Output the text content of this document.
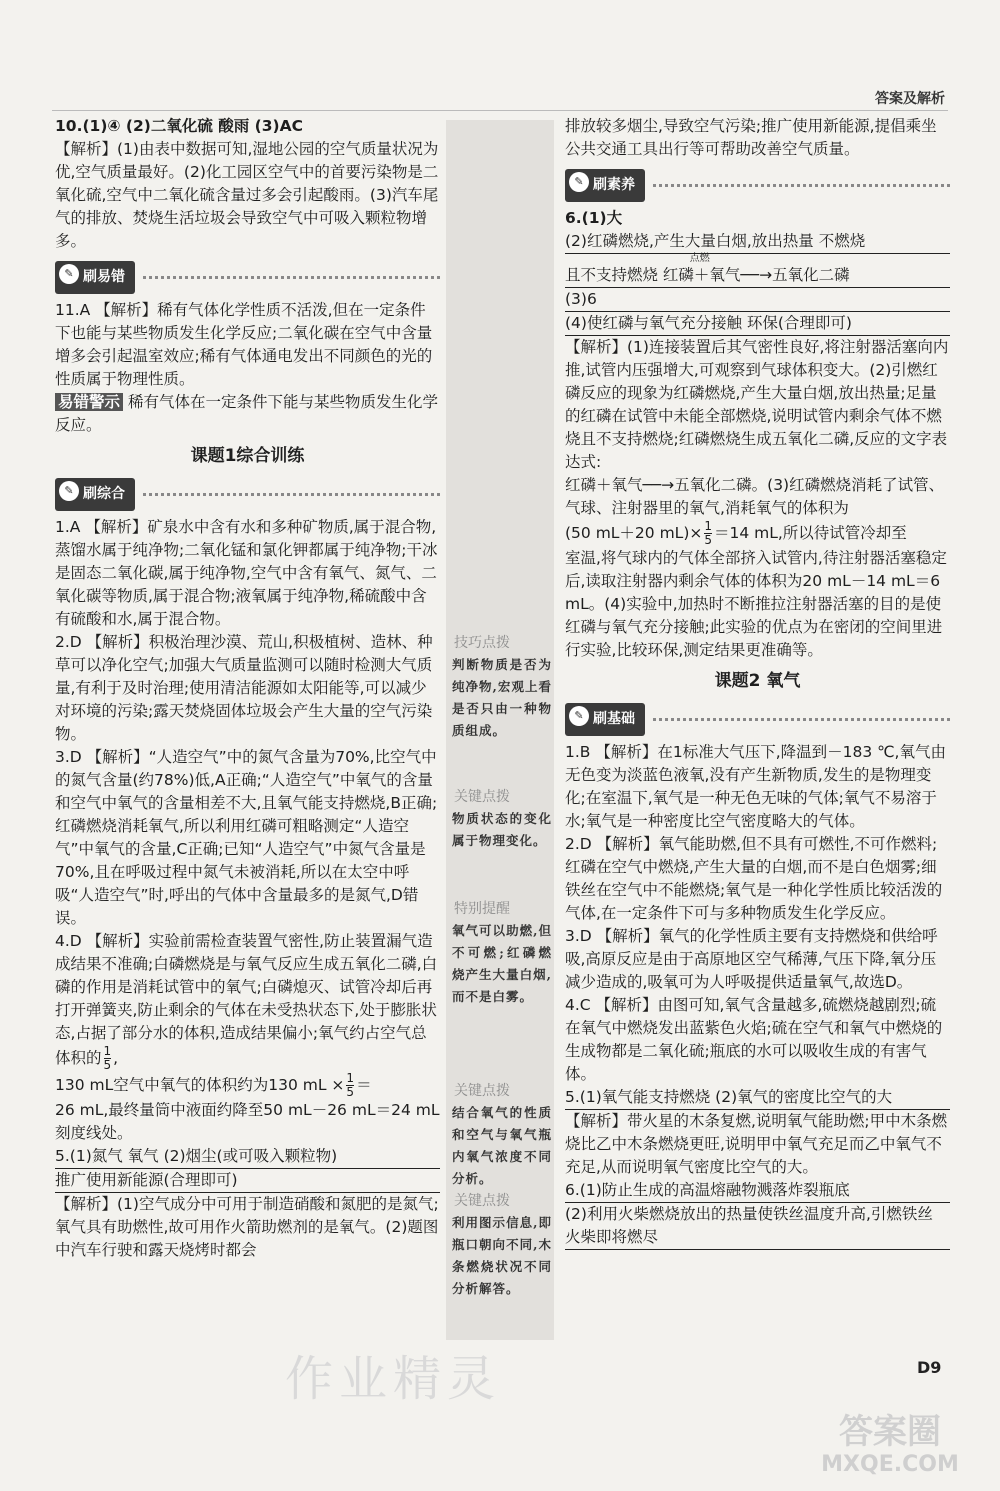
答案及解析

10.(1)④ (2)二氧化硫 酸雨 (3)AC

【解析】(1)由表中数据可知,湿地公园的空气质量状况为优,空气质量最好。(2)化工园区空气中的首要污染物是二氧化硫,空气中二氧化硫含量过多会引起酸雨。(3)汽车尾气的排放、焚烧生活垃圾会导致空气中可吸入颗粒物增多。

✎ 刷易错

11.A 【解析】稀有气体化学性质不活泼,但在一定条件下也能与某些物质发生化学反应;二氧化碳在空气中含量增多会引起温室效应;稀有气体通电发出不同颜色的光的性质属于物理性质。

易错警示 稀有气体在一定条件下能与某些物质发生化学反应。

课题1综合训练
✎ 刷综合

1.A 【解析】矿泉水中含有水和多种矿物质,属于混合物,蒸馏水属于纯净物;二氧化锰和氯化钾都属于纯净物;干冰是固态二氧化碳,属于纯净物,空气中含有氧气、氮气、二氧化碳等物质,属于混合物;液氧属于纯净物,稀硫酸中含有硫酸和水,属于混合物。

2.D 【解析】积极治理沙漠、荒山,积极植树、造林、种草可以净化空气;加强大气质量监测可以随时检测大气质量,有利于及时治理;使用清洁能源如太阳能等,可以减少对环境的污染;露天焚烧固体垃圾会产生大量的空气污染物。

3.D 【解析】“人造空气”中的氮气含量为70%,比空气中的氮气含量(约78%)低,A正确;“人造空气”中氧气的含量和空气中氧气的含量相差不大,且氧气能支持燃烧,B正确;红磷燃烧消耗氧气,所以利用红磷可粗略测定“人造空气”中氧气的含量,C正确;已知“人造空气”中氮气含量是70%,且在呼吸过程中氮气未被消耗,所以在太空中呼吸“人造空气”时,呼出的气体中含量最多的是氮气,D错误。

4.D 【解析】实验前需检查装置气密性,防止装置漏气造成结果不准确;白磷燃烧是与氧气反应生成五氧化二磷,白磷的作用是消耗试管中的氧气;白磷熄灭、试管冷却后再打开弹簧夹,防止剩余的气体在未受热状态下,处于膨胀状态,占据了部分水的体积,造成结果偏小;氧气约占空气总体积的 $\frac{1}{5}$ ,

130 mL空气中氧气的体积约为130 mL × $\frac{1}{5}$ ＝

26 mL,最终量筒中液面约降至50 mL－26 mL＝24 mL刻度线处。

5.(1)氮气 氧气 (2)烟尘(或可吸入颗粒物)

推广使用新能源(合理即可)

【解析】(1)空气成分中可用于制造硝酸和氮肥的是氮气;氧气具有助燃性,故可用作火箭助燃剂的是氧气。(2)题图中汽车行驶和露天烧烤时都会

技巧点拨
判断物质是否为纯净物,宏观上看是否只由一种物质组成。
关键点拨
物质状态的变化属于物理变化。
特别提醒
氧气可以助燃,但不可燃;红磷燃烧产生大量白烟,而不是白雾。
关键点拨
结合氧气的性质和空气与氧气瓶内氧气浓度不同分析。
关键点拨
利用图示信息,即瓶口朝向不同,木条燃烧状况不同分析解答。

排放较多烟尘,导致空气污染;推广使用新能源,提倡乘坐公共交通工具出行等可帮助改善空气质量。

✎ 刷素养

6.(1)大

(2)红磷燃烧,产生大量白烟,放出热量 不燃烧

点燃
且不支持燃烧 红磷＋氧气──→五氧化二磷

(3)6

(4)使红磷与氧气充分接触 环保(合理即可)

【解析】(1)连接装置后其气密性良好,将注射器活塞向内推,试管内压强增大,可观察到气球体积变大。(2)引燃红磷反应的现象为红磷燃烧,产生大量白烟,放出热量;足量的红磷在试管中未能全部燃烧,说明试管内剩余气体不燃烧且不支持燃烧;红磷燃烧生成五氧化二磷,反应的文字表达式:

红磷＋氧气──→五氧化二磷。(3)红磷燃烧消耗了试管、气球、注射器里的氧气,消耗氧气的体积为

(50 mL＋20 $mL)\times \frac{1}{5} =14$ mL,所以待试管冷却至

室温,将气球内的气体全部挤入试管内,待注射器活塞稳定后,读取注射器内剩余气体的体积为20 mL－14 mL＝6 mL。(4)实验中,加热时不断推拉注射器活塞的目的是使红磷与氧气充分接触;此实验的优点为在密闭的空间里进行实验,比较环保,测定结果更准确等。

课题2 氧气
✎ 刷基础

1.B 【解析】在1标准大气压下,降温到－183 ℃,氧气由无色变为淡蓝色液氧,没有产生新物质,发生的是物理变化;在室温下,氧气是一种无色无味的气体;氧气不易溶于水;氧气是一种密度比空气密度略大的气体。

2.D 【解析】氧气能助燃,但不具有可燃性,不可作燃料;红磷在空气中燃烧,产生大量的白烟,而不是白色烟雾;细铁丝在空气中不能燃烧;氧气是一种化学性质比较活泼的气体,在一定条件下可与多种物质发生化学反应。

3.D 【解析】氧气的化学性质主要有支持燃烧和供给呼吸,高原反应是由于高原地区空气稀薄,气压下降,氧分压减少造成的,吸氧可为人呼吸提供适量氧气,故选D。

4.C 【解析】由图可知,氧气含量越多,硫燃烧越剧烈;硫在氧气中燃烧发出蓝紫色火焰;硫在空气和氧气中燃烧的生成物都是二氧化硫;瓶底的水可以吸收生成的有害气体。

5.(1)氧气能支持燃烧 (2)氧气的密度比空气的大

【解析】带火星的木条复燃,说明氧气能助燃;甲中木条燃烧比乙中木条燃烧更旺,说明甲中氧气充足而乙中氧气不充足,从而说明氧气密度比空气的大。

6.(1)防止生成的高温熔融物溅落炸裂瓶底

(2)利用火柴燃烧放出的热量使铁丝温度升高,引燃铁丝 火柴即将燃尽

作业精灵	D9
答案圈
MXQE.COM
